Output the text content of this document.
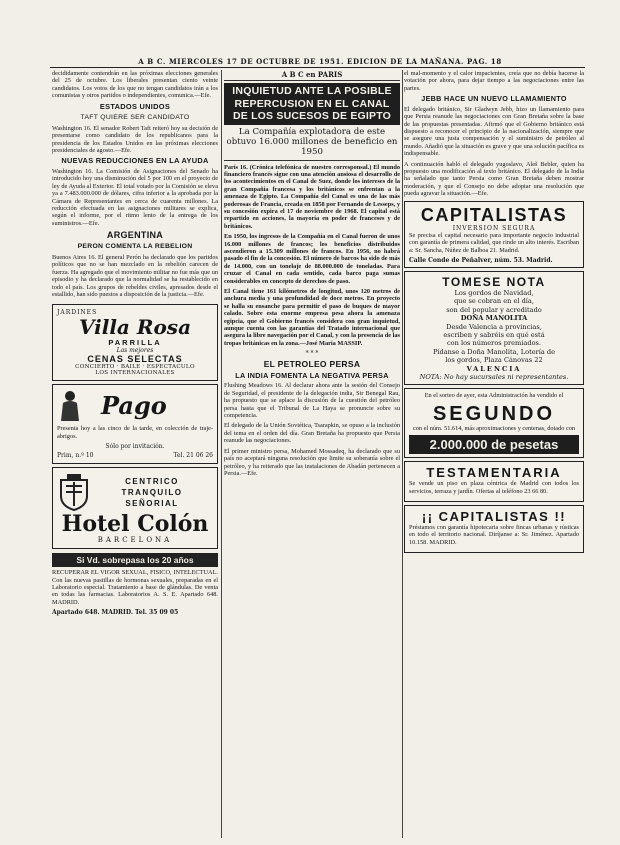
A B C. MIERCOLES 17 DE OCTUBRE DE 1951. EDICION DE LA MAÑANA. PAG. 18

decididamente contendrán en las próximas elecciones generales del 25 de octubre. Los liberales presentan ciento veinte candidatos. Los votos de los que no tengan candidatos irán a los comunistas y otros partidos o independientes, comunica.—Efe.

ESTADOS UNIDOS
TAFT QUIERE SER CANDIDATO

Washington 16. El senador Robert Taft reiteró hoy su decisión de presentarse como candidato de los republicanos para la presidencia de los Estados Unidos en las próximas elecciones presidenciales de agosto.—Efe.

NUEVAS REDUCCIONES EN LA AYUDA

Washington 16. La Comisión de Asignaciones del Senado ha introducido hoy una disminución del 5 por 100 en el proyecto de ley de Ayuda al Exterior. El total votado por la Comisión se eleva ya a 7.483.000.000 de dólares, cifra inferior a la aprobada por la Cámara de Representantes en cerca de cuarenta millones. La reducción efectuada en las asignaciones militares se explica, según el informe, por el ritmo lento de la entrega de los suministros.—Efe.

ARGENTINA
PERON COMENTA LA REBELION

Buenos Aires 16. El general Perón ha declarado que los partidos políticos que no se han mezclado en la rebelión carecen de fuerza. Ha agregado que el movimiento militar no fue más que un episodio y ha declarado que la normalidad se ha restablecido en todo el país. Los grupos de rebeldes civiles, apresados desde el estallido, han sido puestos a disposición de la justicia.—Efe.

JARDINES
Villa Rosa
PARRILLA
Las mejores
CENAS SELECTAS
CONCIERTO · BAILE · ESPECTACULO
LOS INTERNACIONALES
Pago

Presenta hoy a las cinco de la tarde, en colección de traje-abrigos.

Sólo por invitación.
Prim, n.º 10	Tel. 21 06 26
CENTRICO
TRANQUILO
SEÑORIAL
Hotel Colón
BARCELONA
Si Vd. sobrepasa los 20 años

RECUPERAR EL VIGOR SEXUAL, FISICO, INTELECTUAL. Con las nuevas pastillas de hormonas sexuales, preparadas en el Laboratorio especial. Tratamiento a base de glándulas. De venta en todas las farmacias. Laboratorios A. S. E. Apartado 648. MADRID.

Apartado 648. MADRID. Tel. 35 09 05
A B C en PARIS
INQUIETUD ANTE LA POSIBLE REPERCUSION EN EL CANAL DE LOS SUCESOS DE EGIPTO
La Compañía explotadora de este obtuvo 16.000 millones de beneficio en 1950

París 16. (Crónica telefónica de nuestro corresponsal.) El mundo financiero francés sigue con una atención ansiosa el desarrollo de los acontecimientos en el Canal de Suez, donde los intereses de la gran Compañía francesa y los británicos se enfrentan a la amenaza de Egipto. La Compañía del Canal es una de las más poderosas de Francia, creada en 1858 por Fernando de Lesseps, y su concesión expira el 17 de noviembre de 1968. El capital está repartido en acciones, la mayoría en poder de franceses y de británicos.

En 1950, los ingresos de la Compañía en el Canal fueron de unos 16.000 millones de francos; los beneficios distribuidos ascendieron a 15.309 millones de francos. En 1956, no habrá pasado el fin de la concesión. El número de barcos ha sido de más de 14.000, con un tonelaje de 88.000.000 de toneladas. Para cruzar el Canal en cada sentido, cada barco paga sumas considerables en concepto de derechos de paso.

El Canal tiene 161 kilómetros de longitud, unos 120 metros de anchura media y una profundidad de doce metros. En proyecto se halla su ensanche para permitir el paso de buques de mayor calado. Sobre esta enorme empresa pesa ahora la amenaza egipcia, que el Gobierno francés considera con gran inquietud, aunque cuenta con las garantías del Tratado internacional que asegura la libre navegación por el Canal, y con la presencia de las tropas británicas en la zona.—José María MASSIP.

* * *
EL PETROLEO PERSA
LA INDIA FOMENTA LA NEGATIVA PERSA

Flushing Meadows 16. Al declarar ahora ante la sesión del Consejo de Seguridad, el presidente de la delegación india, Sir Benegal Rau, ha propuesto que se aplace la discusión de la cuestión del petróleo persa hasta que el Tribunal de La Haya se pronuncie sobre su competencia.

El delegado de la Unión Soviética, Tsarapkin, se opuso a la inclusión del tema en el orden del día. Gran Bretaña ha propuesto que Persia reanude las negociaciones.

El primer ministro persa, Mohamed Mossadeq, ha declarado que su país no aceptará ninguna resolución que limite su soberanía sobre el petróleo, y ha reiterado que las instalaciones de Abadán pertenecen a Persia.—Efe.

el mal-momento y el calor impacientes, creía que no debía hacerse la votación por ahora, para dejar tiempo a las negociaciones entre las partes.

JEBB HACE UN NUEVO LLAMAMIENTO

El delegado británico, Sir Gladwyn Jebb, hizo un llamamiento para que Persia reanude las negociaciones con Gran Bretaña sobre la base de las propuestas presentadas. Afirmó que el Gobierno británico está dispuesto a reconocer el principio de la nacionalización, siempre que se asegure una justa compensación y el suministro de petróleo al mundo. Añadió que la situación es grave y que una solución pacífica es indispensable.

A continuación habló el delegado yugoslavo, Aleš Bebler, quien ha propuesto una modificación al texto británico. El delegado de la India ha señalado que tanto Persia como Gran Bretaña deben mostrar moderación, y que el Consejo no debe adoptar una resolución que pueda agravar la situación.—Efe.

CAPITALISTAS
INVERSION SEGURA

Se precisa el capital necesario para importante negocio industrial con garantía de primera calidad, que rinde un alto interés. Escriban a: Sr. Sancha, Núñez de Balboa 21. Madrid.

Calle Conde de Peñalver, núm. 53. Madrid.
TOMESE NOTA
Los gordos de Navidad,
que se cobran en el día,
son del popular y acreditado
DOÑA MANOLITA
Desde Valencia a provincias,
escriben y sabréis en qué está
con los números premiados.
Pídanse a Doña Manolita, Lotería de
los gordos, Plaza Cánovas 22
VALENCIA
NOTA: No hay sucursales ni representantes.

En el sorteo de ayer, esta Administración ha vendido el

SEGUNDO

con el núm. 51.614, más aproximaciones y centenas, dotado con

2.000.000 de pesetas
TESTAMENTARIA

Se vende un piso en plaza céntrica de Madrid con todos los servicios, terraza y jardín. Ofertas al teléfono 23 66 80.

¡¡ CAPITALISTAS !!

Préstamos con garantía hipotecaria sobre fincas urbanas y rústicas en todo el territorio nacional. Diríjanse a: Sr. Jiménez. Apartado 10.158. MADRID.
